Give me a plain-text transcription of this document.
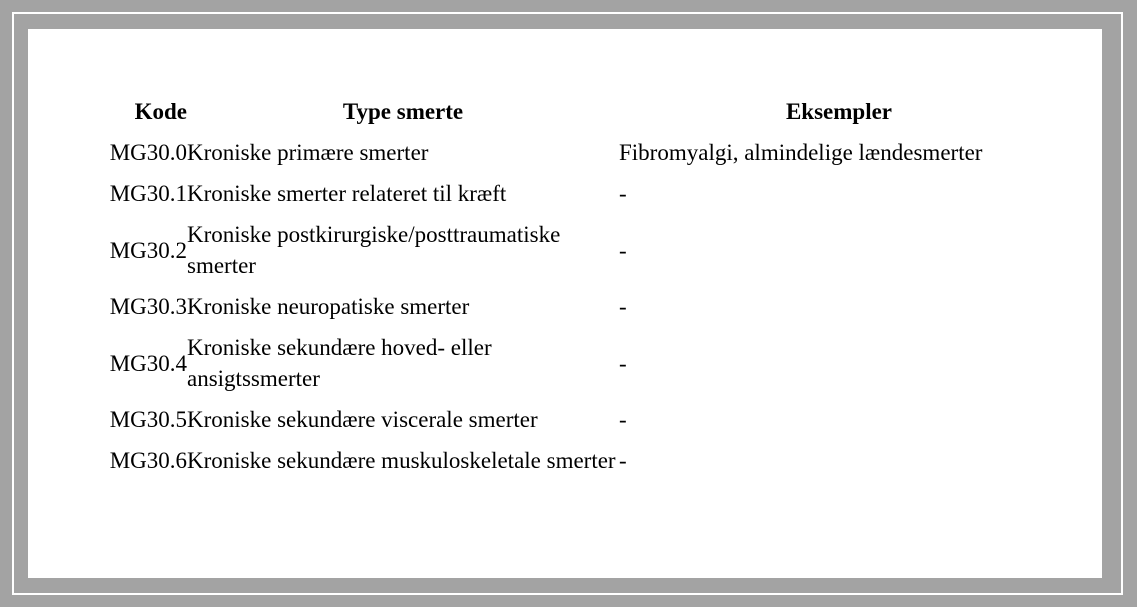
Kode	Type smerte	Eksempler
MG30.0	Kroniske primære smerter	Fibromyalgi, almindelige lændesmerter
MG30.1	Kroniske smerter relateret til kræft	-
MG30.2	Kroniske postkirurgiske/posttraumatiske smerter	-
MG30.3	Kroniske neuropatiske smerter	-
MG30.4	Kroniske sekundære hoved- eller ansigtssmerter	-
MG30.5	Kroniske sekundære viscerale smerter	-
MG30.6	Kroniske sekundære muskuloskeletale smerter	-
